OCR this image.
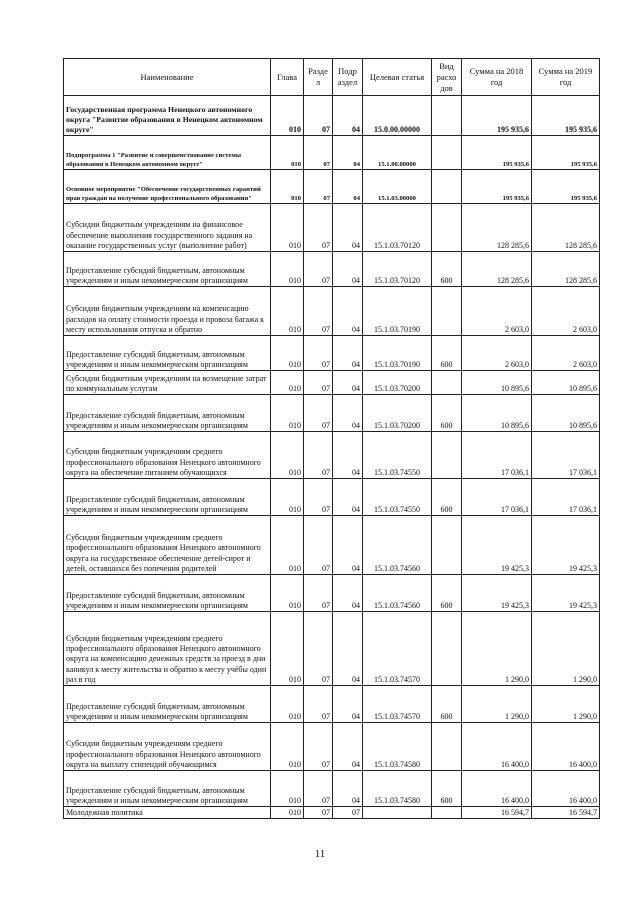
Наименование	Глава	Разде л	Подр аздел	Целевая статья	Вид расхо дов	Сумма на 2018 год	Сумма на 2019 год
Государственная программа Ненецкого автономного округа "Развитие образования в Ненецком автономном округе"	010	07	04	15.0.00.00000		195 935,6	195 935,6
Подпрограмма 1 "Развитие и совершенствование системы образования в Ненецком автономном округе"	010	07	04	15.1.00.00000		195 935,6	195 935,6
Основное мероприятие "Обеспечение государственных гарантий прав граждан на получение профессионального образования"	010	07	04	15.1.03.00000		195 935,6	195 935,6
Субсидии бюджетным учреждениям на финансовое обеспечение выполнения государственного задания на оказание государственных услуг (выполнение работ)	010	07	04	15.1.03.70120		128 285,6	128 285,6
Предоставление субсидий бюджетным, автономным учреждениям и иным некоммерческим организациям	010	07	04	15.1.03.70120	600	128 285,6	128 285,6
Субсидии бюджетным учреждениям на компенсацию расходов на оплату стоимости проезда и провоза багажа к месту использования отпуска и обратно	010	07	04	15.1.03.70190		2 603,0	2 603,0
Предоставление субсидий бюджетным, автономным учреждениям и иным некоммерческим организациям	010	07	04	15.1.03.70190	600	2 603,0	2 603,0
Субсидии бюджетным учреждениям на возмещение затрат по коммунальным услугам	010	07	04	15.1.03.70200		10 895,6	10 895,6
Предоставление субсидий бюджетным, автономным учреждениям и иным некоммерческим организациям	010	07	04	15.1.03.70200	600	10 895,6	10 895,6
Субсидии бюджетным учреждениям среднего профессионального образования Ненецкого автономного округа на обеспечение питанием обучающихся	010	07	04	15.1.03.74550		17 036,1	17 036,1
Предоставление субсидий бюджетным, автономным учреждениям и иным некоммерческим организациям	010	07	04	15.1.03.74550	600	17 036,1	17 036,1
Субсидии бюджетным учреждениям среднего профессионального образования Ненецкого автономного округа на государственное обеспечение детей-сирот и детей, оставшихся без попечения родителей	010	07	04	15.1.03.74560		19 425,3	19 425,3
Предоставление субсидий бюджетным, автономным учреждениям и иным некоммерческим организациям	010	07	04	15.1.03.74560	600	19 425,3	19 425,3
Субсидии бюджетным учреждениям среднего профессионального образования Ненецкого автономного округа на компенсацию денежных средств за проезд в дни каникул к месту жительства и обратно к месту учёбы один раз в год	010	07	04	15.1.03.74570		1 290,0	1 290,0
Предоставление субсидий бюджетным, автономным учреждениям и иным некоммерческим организациям	010	07	04	15.1.03.74570	600	1 290,0	1 290,0
Субсидии бюджетным учреждениям среднего профессионального образования Ненецкого автономного округа на выплату стипендий обучающимся	010	07	04	15.1.03.74580		16 400,0	16 400,0
Предоставление субсидий бюджетным, автономным учреждениям и иным некоммерческим организациям	010	07	04	15.1.03.74580	600	16 400,0	16 400,0
Молодежная политика	010	07	07			16 594,7	16 594,7
11
